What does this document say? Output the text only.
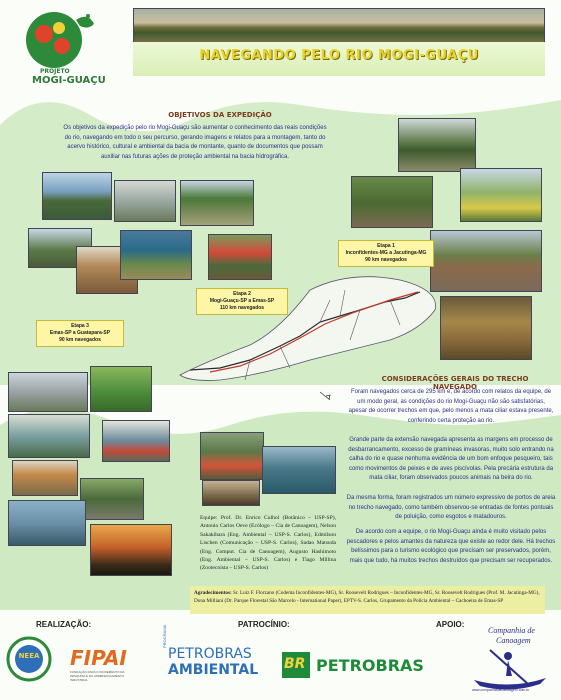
PROJETO
MOGI-GUAÇU
NAVEGANDO PELO RIO MOGI-GUAÇU
OBJETIVOS DA EXPEDIÇÃO
Os objetivos da expedição pelo rio Mogi-Guaçu são aumentar o conhecimento das reais condições do rio, navegando em todo o seu percurso, gerando imagens e relatos para a montagem, tanto do acervo histórico, cultural e ambiental da bacia de montante, quanto de documentos que possam auxiliar nas futuras ações de proteção ambiental na bacia hidrográfica.
Etapa 1
Inconfidentes-MG a Jacutinga-MG
90 km navegados
Etapa 2
Mogi-Guaçu-SP a Emas-SP
110 km navegados
Etapa 3
Emas-SP a Guatapara-SP
90 km navegados
CONSIDERAÇÕES GERAIS DO TRECHO NAVEGADO
Foram navegados cerca de 295 km e, de acordo com relatos da equipe, de um modo geral, as condições do rio Mogi-Guaçu não são satisfatórias, apesar de ocorrer trechos em que, pelo menos a mata ciliar estava presente, conferindo certa proteção ao rio.
Grande parte da extensão navegada apresenta as margens em processo de desbarrancamento, excesso de gramíneas invasoras, muito solo entrando na calha do rio e quase nenhuma evidência de um bom enfoque pesqueiro, tais como movimentos de peixes e de aves piscívolas. Pela precária estrutura da mata ciliar, foram observados poucos animais na beira do rio.
Da mesma forma, foram registrados um número expressivo de portos de areia no trecho navegado, como também observou-se entradas de fontes pontuais de poluição, como esgotos e matadouros.
De acordo com a equipe, o rio Mogi-Guaçu ainda é muito visitado pelos pescadores e pelos amantes da natureza que existe ao redor dele. Há trechos belíssimos para o turismo ecológico que precisam ser preservados, porém, mais que tudo, há muitos trechos destruídos que precisam ser recuperados.
Equipe: Prof. Dr. Enrico Culhol (Botânico – USP-SP), Antonio Carlos Oeve (Ecólogo – Cia de Canoagem), Nelson Sakakibara (Eng. Ambiental – USP-S. Carlos), Edmilson Lischen (Comunicação – USP-S. Carlos), Sadao Matsuda (Eng. Comput. Cia de Canoagem), Augusto Hashimoto (Eng. Ambiental – USP-S. Carlos) e Tiago Millina (Zootecnista – USP-S. Carlos)
Agradecimentos: Sr. Luiz F. Florzano (Codema Inconfidentes-MG), Sr. Roosevelt Rodrigues – Inconfidentes-MG, Sr. Roosevelt Rodrigues (Prof. M. Jacutinga-MG), Dona Milliani (Dr. Parque Florestal São Marcelo - International Paper), EPTV-S. Carlos, Grupamento da Polícia Ambiental – Cachoeira de Emas-SP
REALIZAÇÃO:	PATROCÍNIO:	APOIO:
NEEA	FIPAI
FUNDAÇÃO PARA O INCREMENTO DA PESQUISA E DO APERFEIÇOAMENTO INDUSTRIAL
PROGRAMA
PETROBRAS
AMBIENTAL BR PETROBRAS
Companhia de
Canoagem
www.companhiadecanoagem.com.br
